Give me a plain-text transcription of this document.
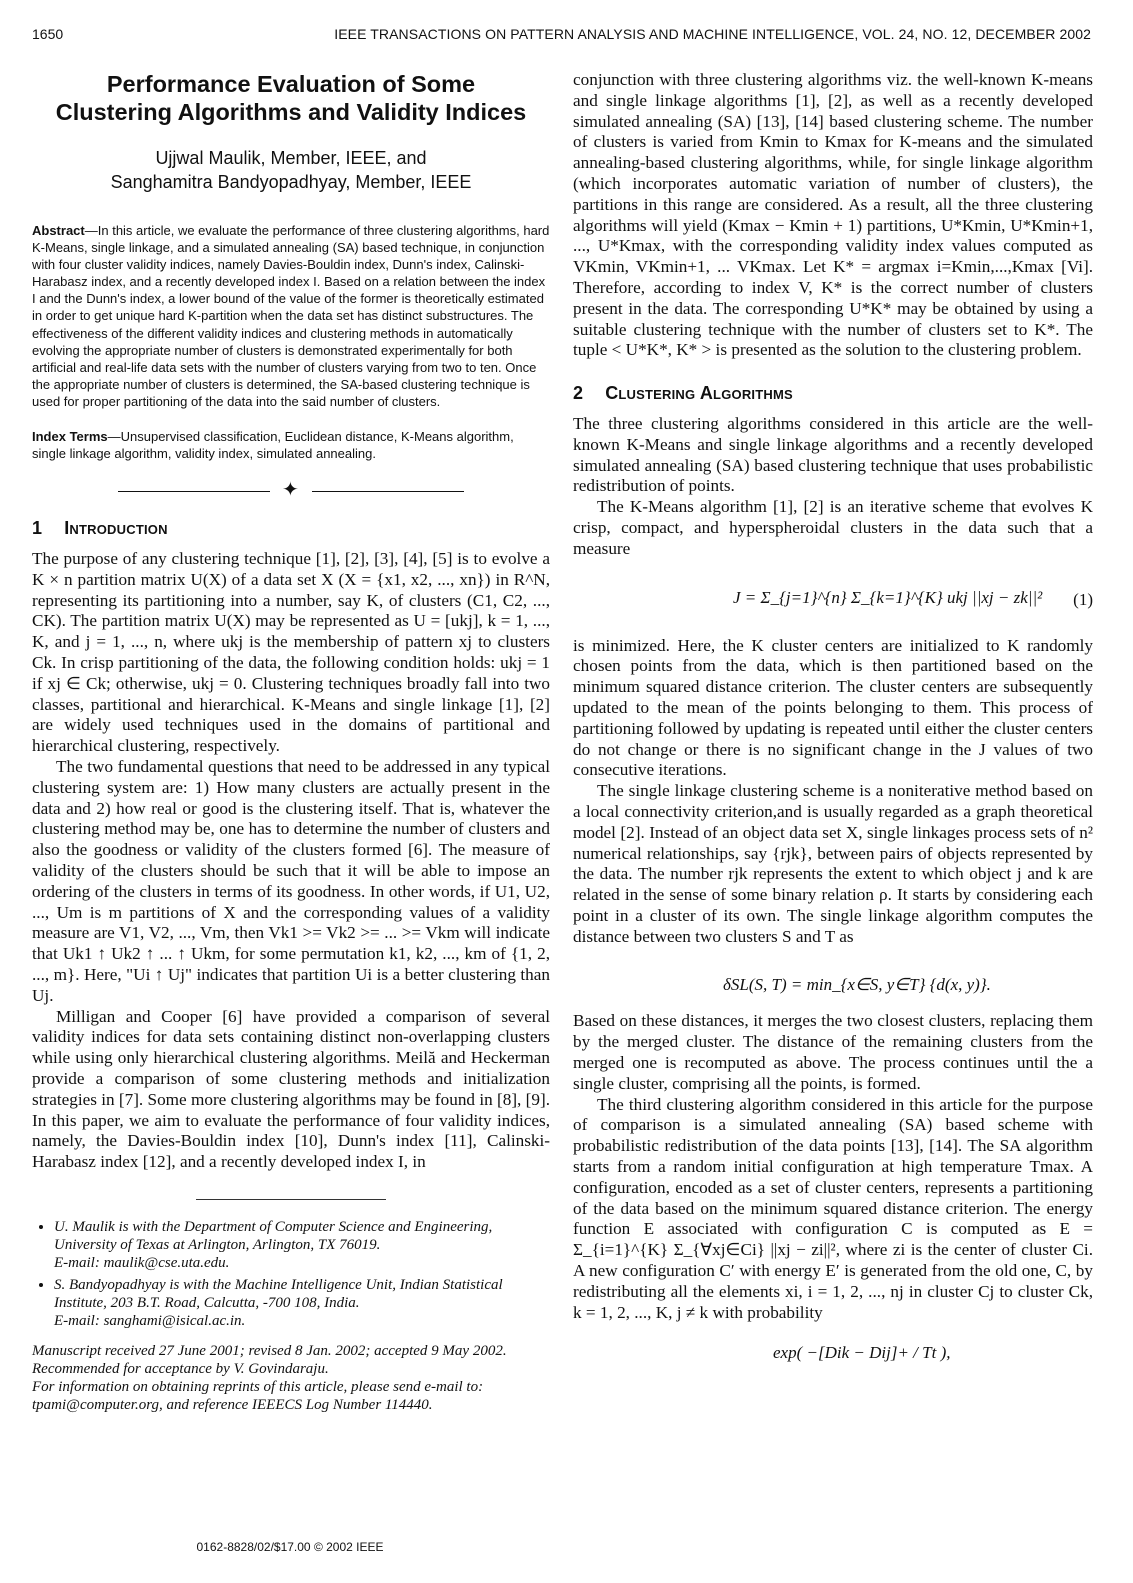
1650	IEEE TRANSACTIONS ON PATTERN ANALYSIS AND MACHINE INTELLIGENCE, VOL. 24, NO. 12, DECEMBER 2002
Performance Evaluation of Some
Clustering Algorithms and Validity Indices
Ujjwal Maulik, Member, IEEE, and
Sanghamitra Bandyopadhyay, Member, IEEE
Abstract—In this article, we evaluate the performance of three clustering algorithms, hard K-Means, single linkage, and a simulated annealing (SA) based technique, in conjunction with four cluster validity indices, namely Davies-Bouldin index, Dunn's index, Calinski-Harabasz index, and a recently developed index I. Based on a relation between the index I and the Dunn's index, a lower bound of the value of the former is theoretically estimated in order to get unique hard K-partition when the data set has distinct substructures. The effectiveness of the different validity indices and clustering methods in automatically evolving the appropriate number of clusters is demonstrated experimentally for both artificial and real-life data sets with the number of clusters varying from two to ten. Once the appropriate number of clusters is determined, the SA-based clustering technique is used for proper partitioning of the data into the said number of clusters.
Index Terms—Unsupervised classification, Euclidean distance, K-Means algorithm, single linkage algorithm, validity index, simulated annealing.
✦
1 Introduction

The purpose of any clustering technique [1], [2], [3], [4], [5] is to evolve a K × n partition matrix U(X) of a data set X (X = {x1, x2, ..., xn}) in R^N, representing its partitioning into a number, say K, of clusters (C1, C2, ..., CK). The partition matrix U(X) may be represented as U = [ukj], k = 1, ..., K, and j = 1, ..., n, where ukj is the membership of pattern xj to clusters Ck. In crisp partitioning of the data, the following condition holds: ukj = 1 if xj ∈ Ck; otherwise, ukj = 0. Clustering techniques broadly fall into two classes, partitional and hierarchical. K-Means and single linkage [1], [2] are widely used techniques used in the domains of partitional and hierarchical clustering, respectively.

The two fundamental questions that need to be addressed in any typical clustering system are: 1) How many clusters are actually present in the data and 2) how real or good is the clustering itself. That is, whatever the clustering method may be, one has to determine the number of clusters and also the goodness or validity of the clusters formed [6]. The measure of validity of the clusters should be such that it will be able to impose an ordering of the clusters in terms of its goodness. In other words, if U1, U2, ..., Um is m partitions of X and the corresponding values of a validity measure are V1, V2, ..., Vm, then Vk1 >= Vk2 >= ... >= Vkm will indicate that Uk1 ↑ Uk2 ↑ ... ↑ Ukm, for some permutation k1, k2, ..., km of {1, 2, ..., m}. Here, "Ui ↑ Uj" indicates that partition Ui is a better clustering than Uj.

Milligan and Cooper [6] have provided a comparison of several validity indices for data sets containing distinct non-overlapping clusters while using only hierarchical clustering algorithms. Meilă and Heckerman provide a comparison of some clustering methods and initialization strategies in [7]. Some more clustering algorithms may be found in [8], [9]. In this paper, we aim to evaluate the performance of four validity indices, namely, the Davies-Bouldin index [10], Dunn's index [11], Calinski-Harabasz index [12], and a recently developed index I, in

• U. Maulik is with the Department of Computer Science and Engineering, University of Texas at Arlington, Arlington, TX 76019.
E-mail: maulik@cse.uta.edu.
• S. Bandyopadhyay is with the Machine Intelligence Unit, Indian Statistical Institute, 203 B.T. Road, Calcutta, -700 108, India.
E-mail: sanghami@isical.ac.in.
Manuscript received 27 June 2001; revised 8 Jan. 2002; accepted 9 May 2002. Recommended for acceptance by V. Govindaraju.
For information on obtaining reprints of this article, please send e-mail to: tpami@computer.org, and reference IEEECS Log Number 114440.

conjunction with three clustering algorithms viz. the well-known K-means and single linkage algorithms [1], [2], as well as a recently developed simulated annealing (SA) [13], [14] based clustering scheme. The number of clusters is varied from Kmin to Kmax for K-means and the simulated annealing-based clustering algorithms, while, for single linkage algorithm (which incorporates automatic variation of number of clusters), the partitions in this range are considered. As a result, all the three clustering algorithms will yield (Kmax − Kmin + 1) partitions, U*Kmin, U*Kmin+1, ..., U*Kmax, with the corresponding validity index values computed as VKmin, VKmin+1, ... VKmax. Let K* = argmax i=Kmin,...,Kmax [Vi]. Therefore, according to index V, K* is the correct number of clusters present in the data. The corresponding U*K* may be obtained by using a suitable clustering technique with the number of clusters set to K*. The tuple < U*K*, K* > is presented as the solution to the clustering problem.

2 Clustering Algorithms

The three clustering algorithms considered in this article are the well-known K-Means and single linkage algorithms and a recently developed simulated annealing (SA) based clustering technique that uses probabilistic redistribution of points.

The K-Means algorithm [1], [2] is an iterative scheme that evolves K crisp, compact, and hyperspheroidal clusters in the data such that a measure

J = Σ_{j=1}^{n} Σ_{k=1}^{K} ukj ||xj − zk||² (1)

is minimized. Here, the K cluster centers are initialized to K randomly chosen points from the data, which is then partitioned based on the minimum squared distance criterion. The cluster centers are subsequently updated to the mean of the points belonging to them. This process of partitioning followed by updating is repeated until either the cluster centers do not change or there is no significant change in the J values of two consecutive iterations.

The single linkage clustering scheme is a noniterative method based on a local connectivity criterion,and is usually regarded as a graph theoretical model [2]. Instead of an object data set X, single linkages process sets of n² numerical relationships, say {rjk}, between pairs of objects represented by the data. The number rjk represents the extent to which object j and k are related in the sense of some binary relation ρ. It starts by considering each point in a cluster of its own. The single linkage algorithm computes the distance between two clusters S and T as

δSL(S, T) = min_{x∈S, y∈T} {d(x, y)}.

Based on these distances, it merges the two closest clusters, replacing them by the merged cluster. The distance of the remaining clusters from the merged one is recomputed as above. The process continues until the a single cluster, comprising all the points, is formed.

The third clustering algorithm considered in this article for the purpose of comparison is a simulated annealing (SA) based scheme with probabilistic redistribution of the data points [13], [14]. The SA algorithm starts from a random initial configuration at high temperature Tmax. A configuration, encoded as a set of cluster centers, represents a partitioning of the data based on the minimum squared distance criterion. The energy function E associated with configuration C is computed as E = Σ_{i=1}^{K} Σ_{∀xj∈Ci} ||xj − zi||², where zi is the center of cluster Ci. A new configuration C′ with energy E′ is generated from the old one, C, by redistributing all the elements xi, i = 1, 2, ..., nj in cluster Cj to cluster Ck, k = 1, 2, ..., K, j ≠ k with probability

exp( −[Dik − Dij]+ / Tt ),
0162-8828/02/$17.00 © 2002 IEEE
